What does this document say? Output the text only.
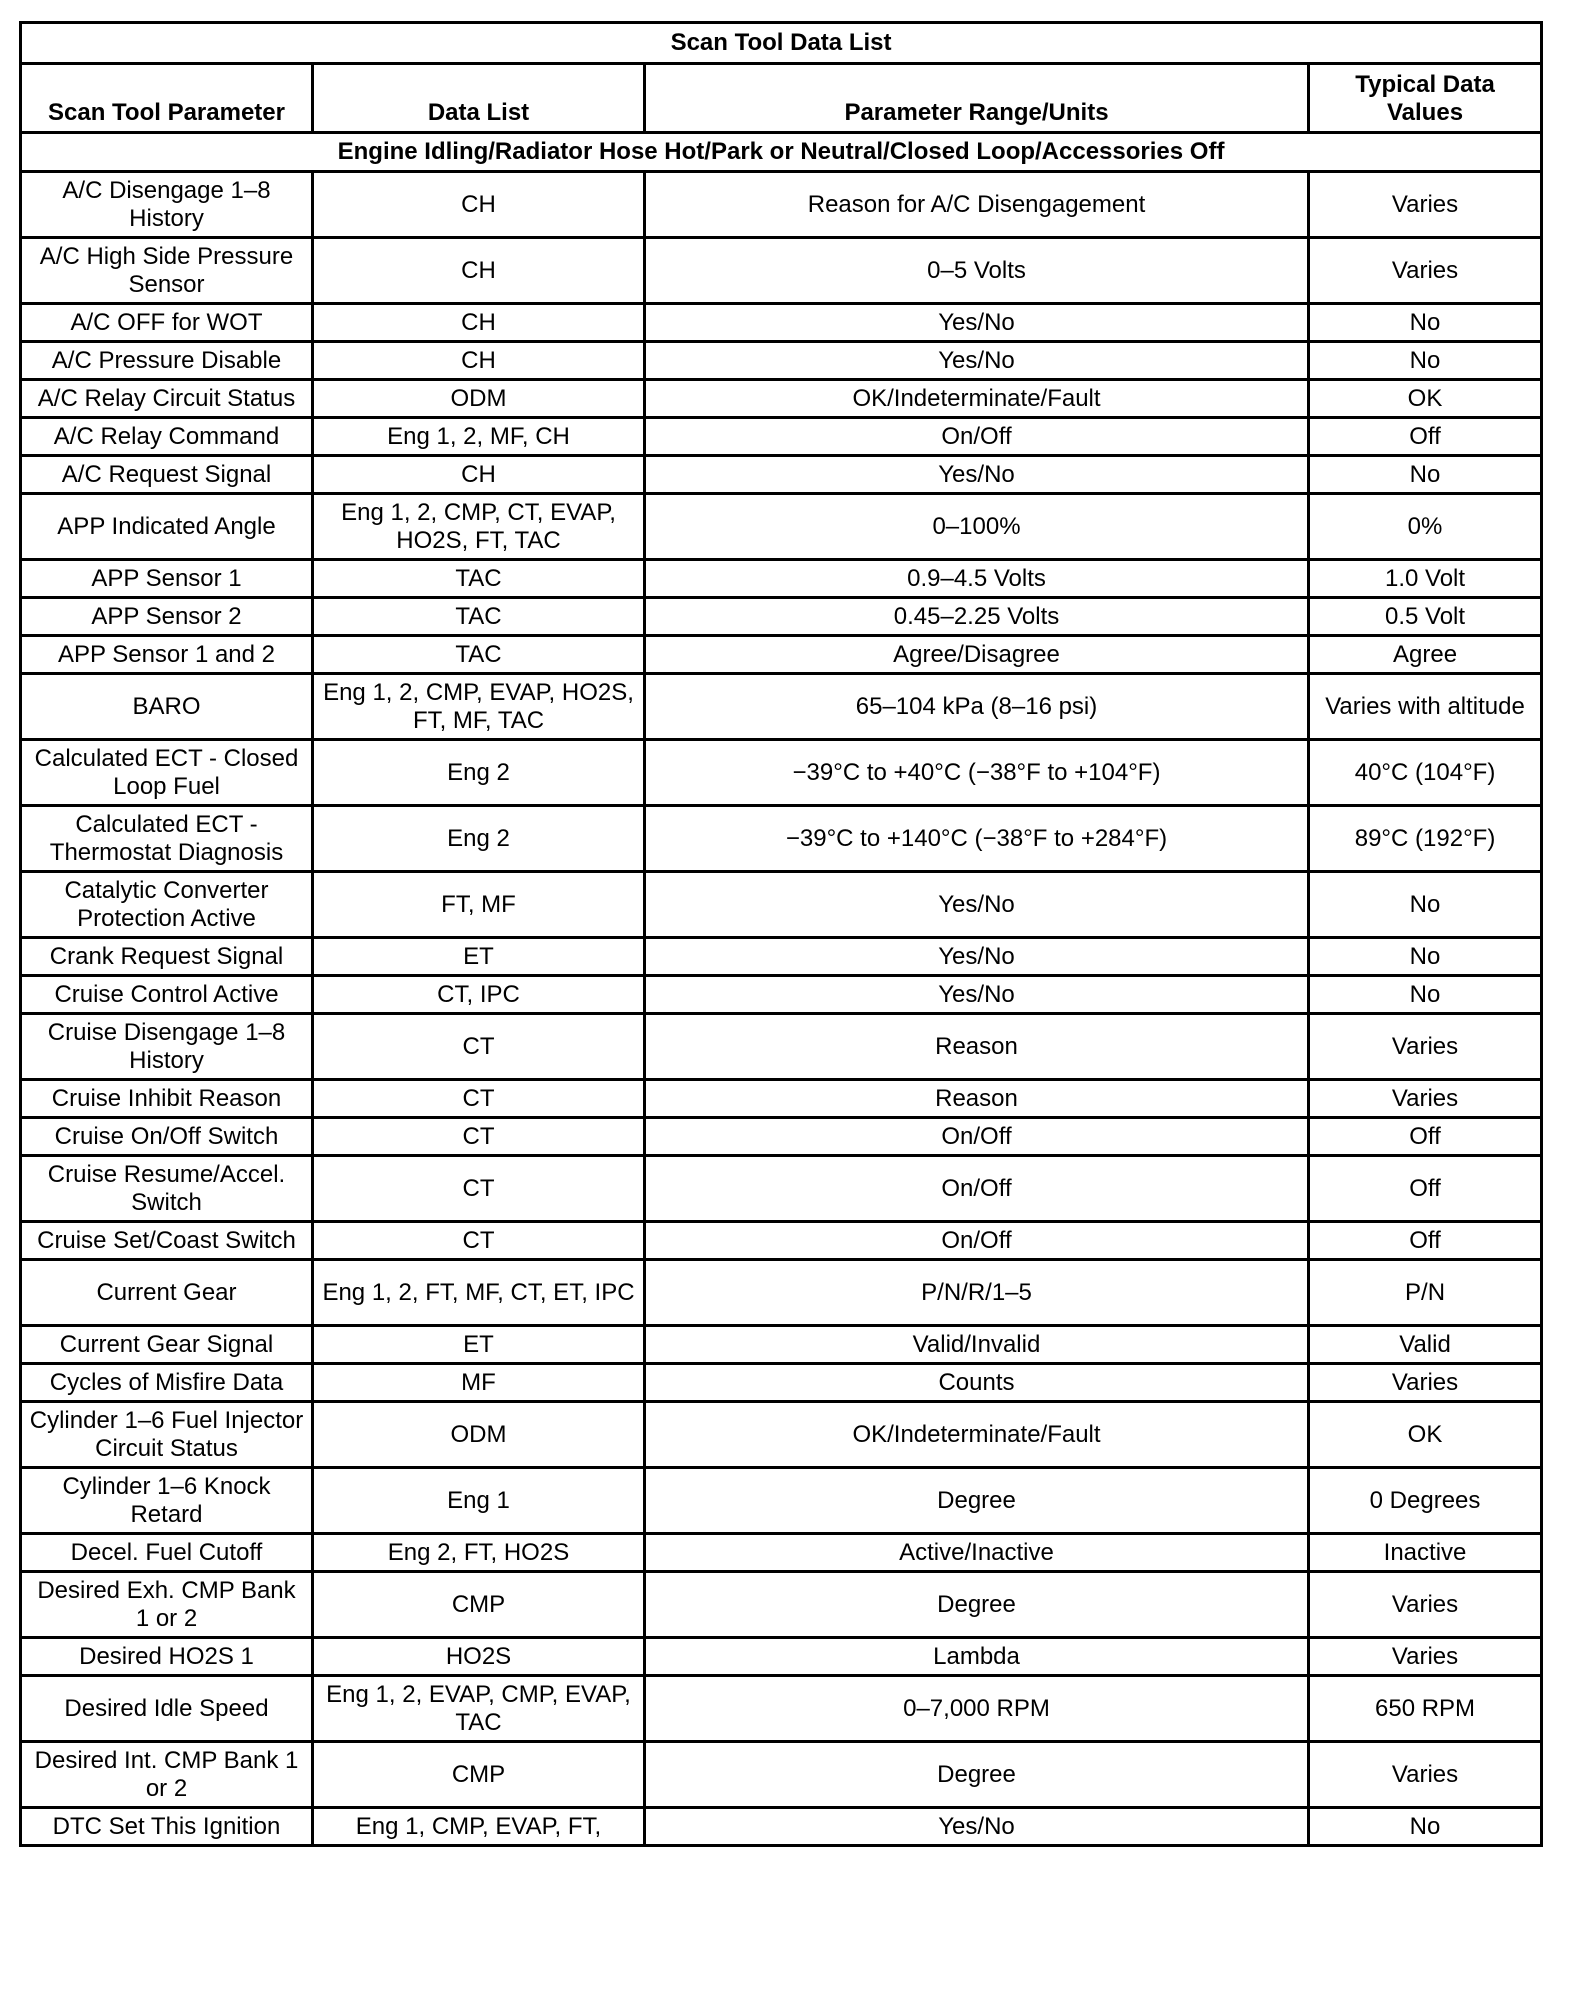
Scan Tool Data List			
Scan Tool Parameter	Data List	Parameter Range/Units	Typical Data Values
Engine Idling/Radiator Hose Hot/Park or Neutral/Closed Loop/Accessories Off			
A/C Disengage 1–8 History	CH	Reason for A/C Disengagement	Varies
A/C High Side Pressure Sensor	CH	0–5 Volts	Varies
A/C OFF for WOT	CH	Yes/No	No
A/C Pressure Disable	CH	Yes/No	No
A/C Relay Circuit Status	ODM	OK/Indeterminate/Fault	OK
A/C Relay Command	Eng 1, 2, MF, CH	On/Off	Off
A/C Request Signal	CH	Yes/No	No
APP Indicated Angle	Eng 1, 2, CMP, CT, EVAP, HO2S, FT, TAC	0–100%	0%
APP Sensor 1	TAC	0.9–4.5 Volts	1.0 Volt
APP Sensor 2	TAC	0.45–2.25 Volts	0.5 Volt
APP Sensor 1 and 2	TAC	Agree/Disagree	Agree
BARO	Eng 1, 2, CMP, EVAP, HO2S, FT, MF, TAC	65–104 kPa (8–16 psi)	Varies with altitude
Calculated ECT - Closed Loop Fuel	Eng 2	−39°C to +40°C (−38°F to +104°F)	40°C (104°F)
Calculated ECT - Thermostat Diagnosis	Eng 2	−39°C to +140°C (−38°F to +284°F)	89°C (192°F)
Catalytic Converter Protection Active	FT, MF	Yes/No	No
Crank Request Signal	ET	Yes/No	No
Cruise Control Active	CT, IPC	Yes/No	No
Cruise Disengage 1–8 History	CT	Reason	Varies
Cruise Inhibit Reason	CT	Reason	Varies
Cruise On/Off Switch	CT	On/Off	Off
Cruise Resume/Accel. Switch	CT	On/Off	Off
Cruise Set/Coast Switch	CT	On/Off	Off
Current Gear	Eng 1, 2, FT, MF, CT, ET, IPC	P/N/R/1–5	P/N
Current Gear Signal	ET	Valid/Invalid	Valid
Cycles of Misfire Data	MF	Counts	Varies
Cylinder 1–6 Fuel Injector Circuit Status	ODM	OK/Indeterminate/Fault	OK
Cylinder 1–6 Knock Retard	Eng 1	Degree	0 Degrees
Decel. Fuel Cutoff	Eng 2, FT, HO2S	Active/Inactive	Inactive
Desired Exh. CMP Bank 1 or 2	CMP	Degree	Varies
Desired HO2S 1	HO2S	Lambda	Varies
Desired Idle Speed	Eng 1, 2, EVAP, CMP, EVAP, TAC	0–7,000 RPM	650 RPM
Desired Int. CMP Bank 1 or 2	CMP	Degree	Varies
DTC Set This Ignition	Eng 1, CMP, EVAP, FT,	Yes/No	No
